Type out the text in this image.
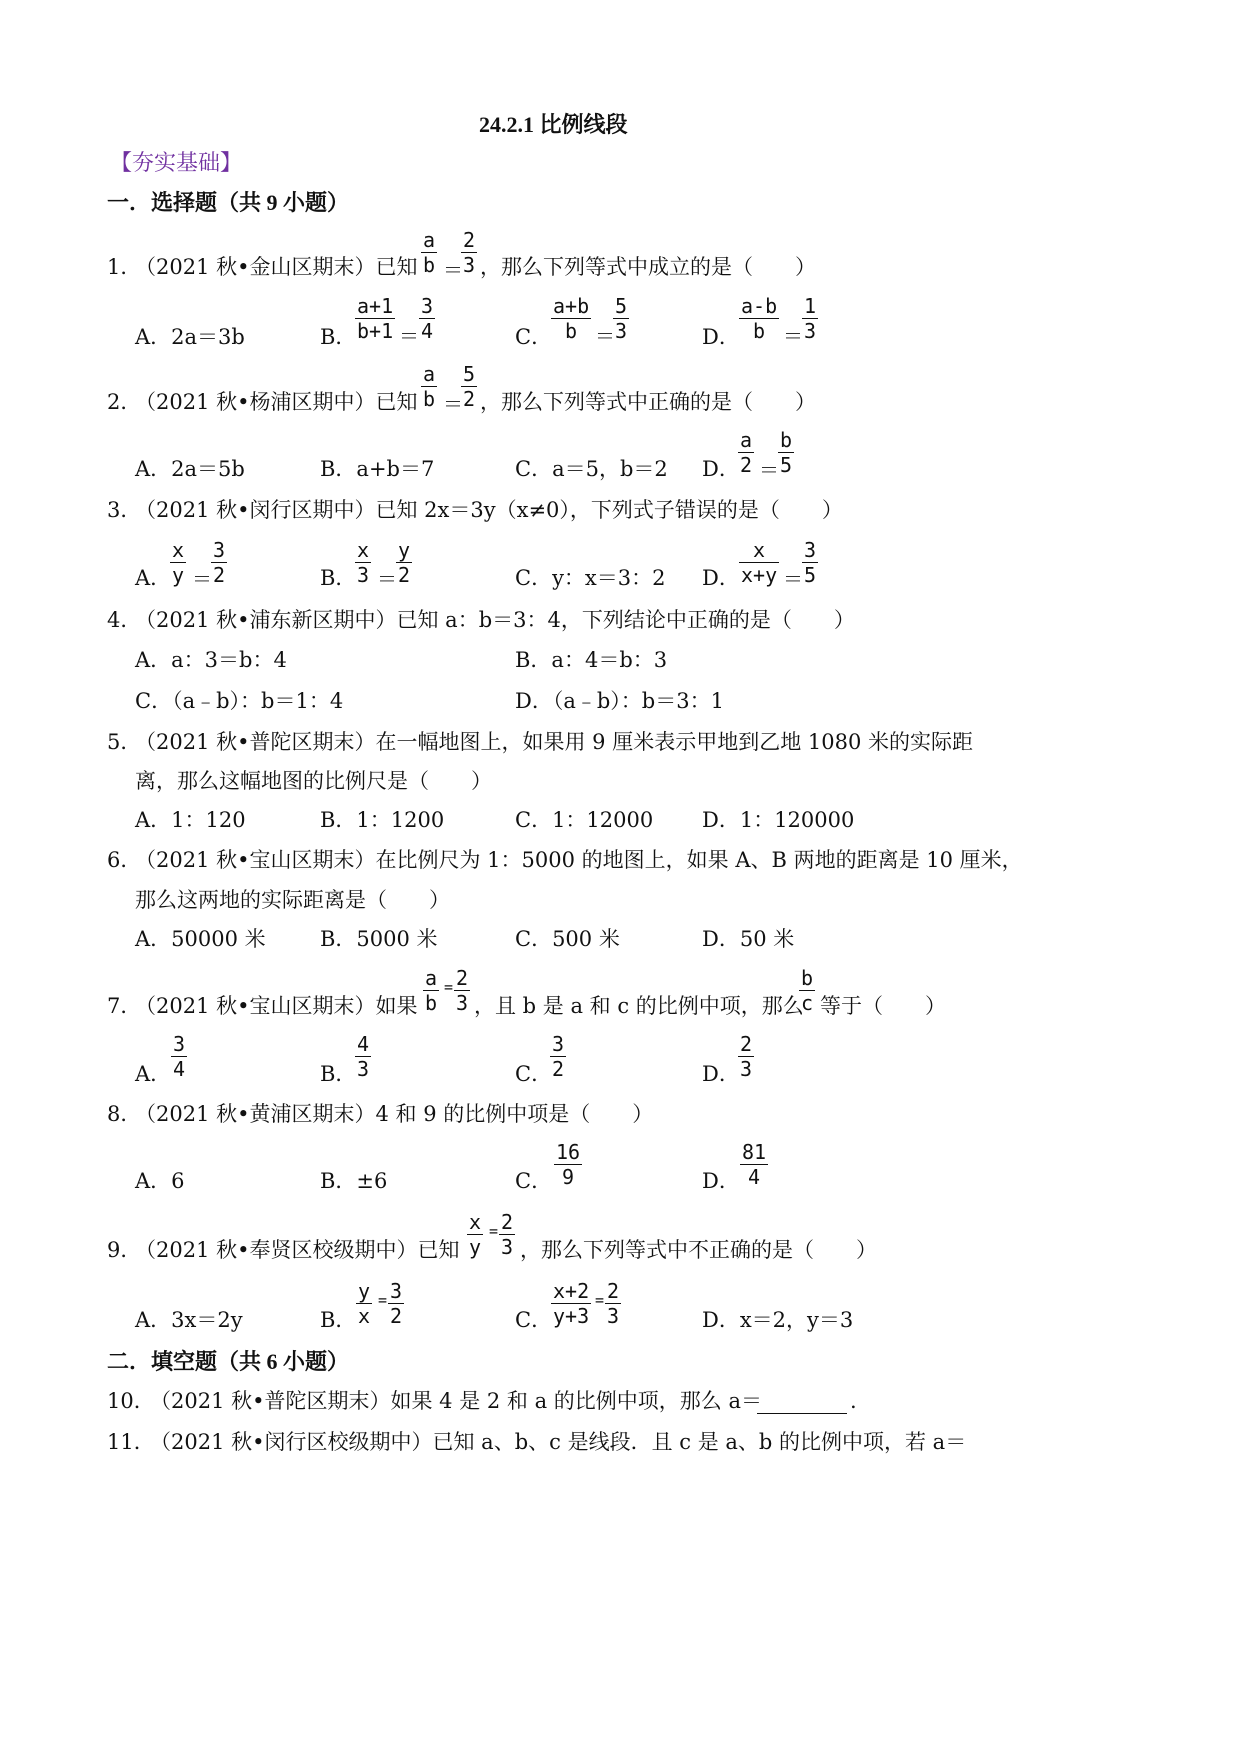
24.2.1 比例线段
【夯实基础】
一．选择题（共 9 小题）
1．
（2021 秋•金山区期末）已知 $\frac{a}{b}$ ＝
$\frac{2}{3}$ ，那么下列等式中成立的是（　　）
A．2a＝3b	B．
$\frac{a+1}{b+1} = \frac{3}{4}$	C．
$\frac{a+b}{b}$ ＝
$\frac{5}{3}$	D． $\frac{a-b}{b} = \frac{1}{3}$
2．
（2021 秋•杨浦区期中）已知 $\frac{a}{b}$ ＝
$\frac{5}{2}$ ，那么下列等式中正确的是（　　）
A．2a＝5b	B．a+b＝7	C．a＝5，b＝2 D．
$\frac{a}{2} = \frac{b}{5}$
3．
（2021 秋•闵行区期中）已知 2x＝3y（x≠0），下列式子错误的是（　　）
A．
$\frac{x}{y} = \frac{3}{2}$	B．
$\frac{x}{3} = \frac{y}{2}$	C．y：x＝3：2 D． $\frac{x}{x+y} = \frac{3}{5}$
4．
（2021 秋•浦东新区期中）已知 a：b＝3：4，下列结论中正确的是（　　）
A．a：3＝b：4	B．a：4＝b：3
C．（a﹣b）：b＝1：4	D．（a﹣b）：b＝3：1
5．
（2021 秋•普陀区期末）在一幅地图上，如果用 9 厘米表示甲地到乙地 1080 米的实际距
离，那么这幅地图的比例尺是（　　）
A．1：120	B．1：1200	C．1：12000 D．1：120000
6．
（2021 秋•宝山区期末）在比例尺为 1：5000 的地图上，如果 A、B 两地的距离是 10 厘米，
那么这两地的实际距离是（　　）
A．50000 米	B．5000 米	C．500 米	D．50 米
7．
（2021 秋•宝山区期末）如果 $\frac{a}{b} = \frac{2}{3}$ ，且 b 是 a 和 c 的比例中项，那么
$\frac{b}{c}$ 等于（　　）
A． $\frac{3}{4}$	B．
$\frac{4}{3}$	C．
$\frac{3}{2}$	D．
$\frac{2}{3}$
8．
（2021 秋•黄浦区期末）4 和 9 的比例中项是（　　）
A．6	B．±6	C． $\frac{16}{9}$	D． $\frac{81}{4}$
9．
（2021 秋•奉贤区校级期中）已知 $\frac{x}{y} = \frac{2}{3}$ ，那么下列等式中不正确的是（　　）
A．3x＝2y	B． $\frac{y}{x} = \frac{3}{2}$	C．
$\frac{x+2}{y+3} = \frac{2}{3}$	D．x＝2，y＝3
二．填空题（共 6 小题）
10．
（2021 秋•普陀区期末）如果 4 是 2 和 a 的比例中项，那么 a＝	.
11．
（2021 秋•闵行区校级期中）已知 a、b、c 是线段．且 c 是 a、b 的比例中项，若 a＝
